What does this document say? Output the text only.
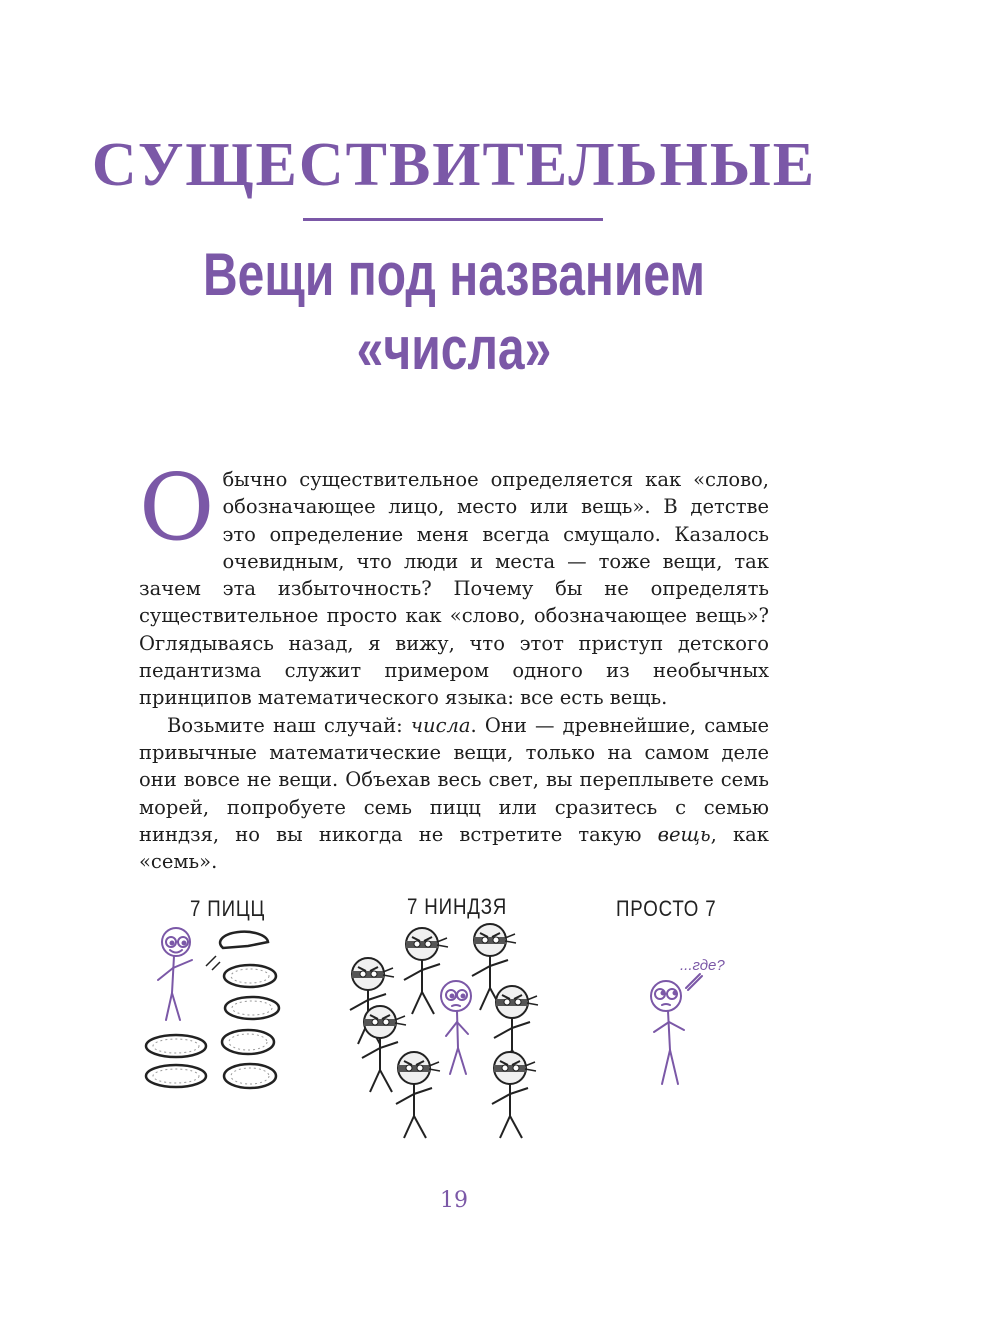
СУЩЕСТВИТЕЛЬНЫЕ
Вещи под названием
«числа»

Обычно существительное определяется как «слово, обозначающее лицо, место или вещь». В детстве это определение меня всегда смущало. Казалось очевидным, что люди и места — тоже вещи, так зачем эта избыточность? Почему бы не определять существительное просто как «слово, обозначающее вещь»? Оглядываясь назад, я вижу, что этот приступ детского педантизма служит примером одного из необычных принципов математического языка: все есть вещь.

Возьмите наш случай: числа. Они — древнейшие, самые привычные математические вещи, только на самом деле они вовсе не вещи. Объехав весь свет, вы переплывете семь морей, попробуете семь пицц или сразитесь с семью ниндзя, но вы никогда не встретите такую вещь, как «семь».

7 ПИЦЦ	7 НИНДЗЯ	ПРОСТО 7
...где?
19
